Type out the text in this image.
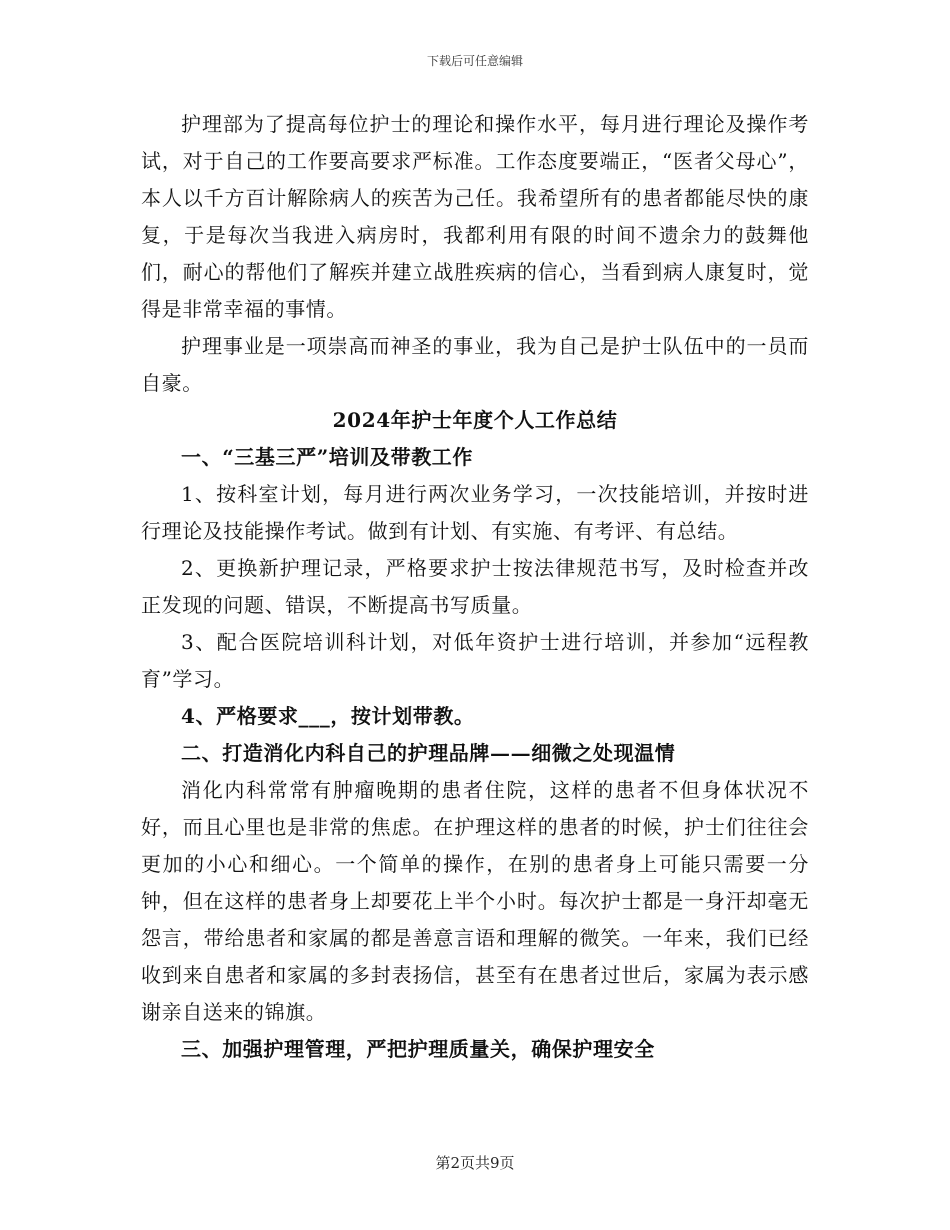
下载后可任意编辑

护理部为了提高每位护士的理论和操作水平，每月进行理论及操作考试，对于自己的工作要高要求严标准。工作态度要端正，“医者父母心”，本人以千方百计解除病人的疾苦为己任。我希望所有的患者都能尽快的康复，于是每次当我进入病房时，我都利用有限的时间不遗余力的鼓舞他们，耐心的帮他们了解疾并建立战胜疾病的信心，当看到病人康复时，觉得是非常幸福的事情。

护理事业是一项崇高而神圣的事业，我为自己是护士队伍中的一员而自豪。

2024年护士年度个人工作总结

一、“三基三严”培训及带教工作

1、按科室计划，每月进行两次业务学习，一次技能培训，并按时进行理论及技能操作考试。做到有计划、有实施、有考评、有总结。

2、更换新护理记录，严格要求护士按法律规范书写，及时检查并改正发现的问题、错误，不断提高书写质量。

3、配合医院培训科计划，对低年资护士进行培训，并参加“远程教育”学习。

4、严格要求___，按计划带教。

二、打造消化内科自己的护理品牌——细微之处现温情

消化内科常常有肿瘤晚期的患者住院，这样的患者不但身体状况不好，而且心里也是非常的焦虑。在护理这样的患者的时候，护士们往往会更加的小心和细心。一个简单的操作，在别的患者身上可能只需要一分钟，但在这样的患者身上却要花上半个小时。每次护士都是一身汗却毫无怨言，带给患者和家属的都是善意言语和理解的微笑。一年来，我们已经收到来自患者和家属的多封表扬信，甚至有在患者过世后，家属为表示感谢亲自送来的锦旗。

三、加强护理管理，严把护理质量关，确保护理安全

第2页共9页
